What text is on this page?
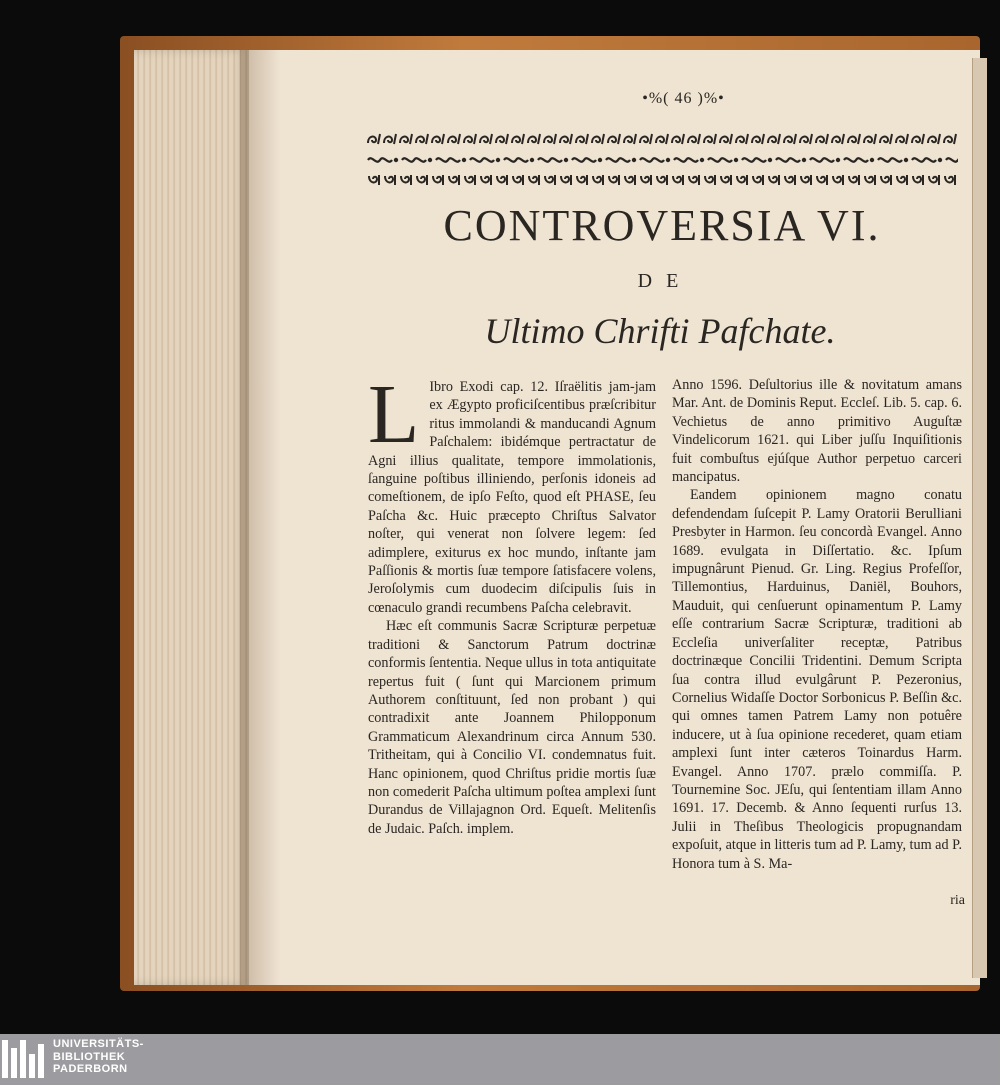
•%( 46 )%•
CONTROVERSIA VI.
DE
Ultimo Chrifti Pafchate.
L Ibro Exodi cap. 12. Iſraëlitis jam-jam ex Ægypto proficiſcentibus præſcribitur ritus immolandi & manducandi Agnum Paſchalem: ibidémque pertractatur de Agni illius qualitate, tempore immolationis, ſanguine poſtibus illiniendo, perſonis idoneis ad comeſtionem, de ipſo Feſto, quod eſt PHASE, ſeu Paſcha &c. Huic præcepto Chriſtus Salvator noſter, qui venerat non ſolvere legem: ſed adimplere, exiturus ex hoc mundo, inſtante jam Paſſionis & mortis ſuæ tempore ſatisfacere volens, Jeroſolymis cum duodecim diſcipulis ſuis in cœnaculo grandi recumbens Paſcha celebravit.

Hæc eſt communis Sacræ Scripturæ perpetuæ traditioni & Sanctorum Patrum doctrinæ conformis ſententia. Neque ullus in tota antiquitate repertus fuit ( ſunt qui Marcionem primum Authorem conſtituunt, ſed non probant ) qui contradixit ante Joannem Philopponum Grammaticum Alexandrinum circa Annum 530. Tritheitam, qui à Concilio VI. condemnatus fuit. Hanc opinionem, quod Chriſtus pridie mortis ſuæ non comederit Paſcha ultimum poſtea amplexi ſunt Durandus de Villajagnon Ord. Equeſt. Melitenſis de Judaic. Paſch. implem.

Anno 1596. Deſultorius ille & novitatum amans Mar. Ant. de Dominis Reput. Eccleſ. Lib. 5. cap. 6. Vechietus de anno primitivo Auguſtæ Vindelicorum 1621. qui Liber juſſu Inquiſitionis fuit combuſtus ejúſque Author perpetuo carceri mancipatus.

Eandem opinionem magno conatu defendendam ſuſcepit P. Lamy Oratorii Berulliani Presbyter in Harmon. ſeu concordà Evangel. Anno 1689. evulgata in Diſſertatio. &c. Ipſum impugnârunt Pienud. Gr. Ling. Regius Profeſſor, Tillemontius, Harduinus, Daniël, Bouhors, Mauduit, qui cenſuerunt opinamentum P. Lamy eſſe contrarium Sacræ Scripturæ, traditioni ab Eccleſia univerſaliter receptæ, Patribus doctrinæque Concilii Tridentini. Demum Scripta ſua contra illud evulgârunt P. Pezeronius, Cornelius Widaſſe Doctor Sorbonicus P. Beſſin &c. qui omnes tamen Patrem Lamy non potuêre inducere, ut à ſua opinione recederet, quam etiam amplexi ſunt inter cæteros Toinardus Harm. Evangel. Anno 1707. prælo commiſſa. P. Tournemine Soc. JEſu, qui ſententiam illam Anno 1691. 17. Decemb. & Anno ſequenti rurſus 13. Julii in Theſibus Theologicis propugnandam expoſuit, atque in litteris tum ad P. Lamy, tum ad P. Honora tum à S. Ma-

ria
UNIVERSITÄTS-
BIBLIOTHEK
PADERBORN
